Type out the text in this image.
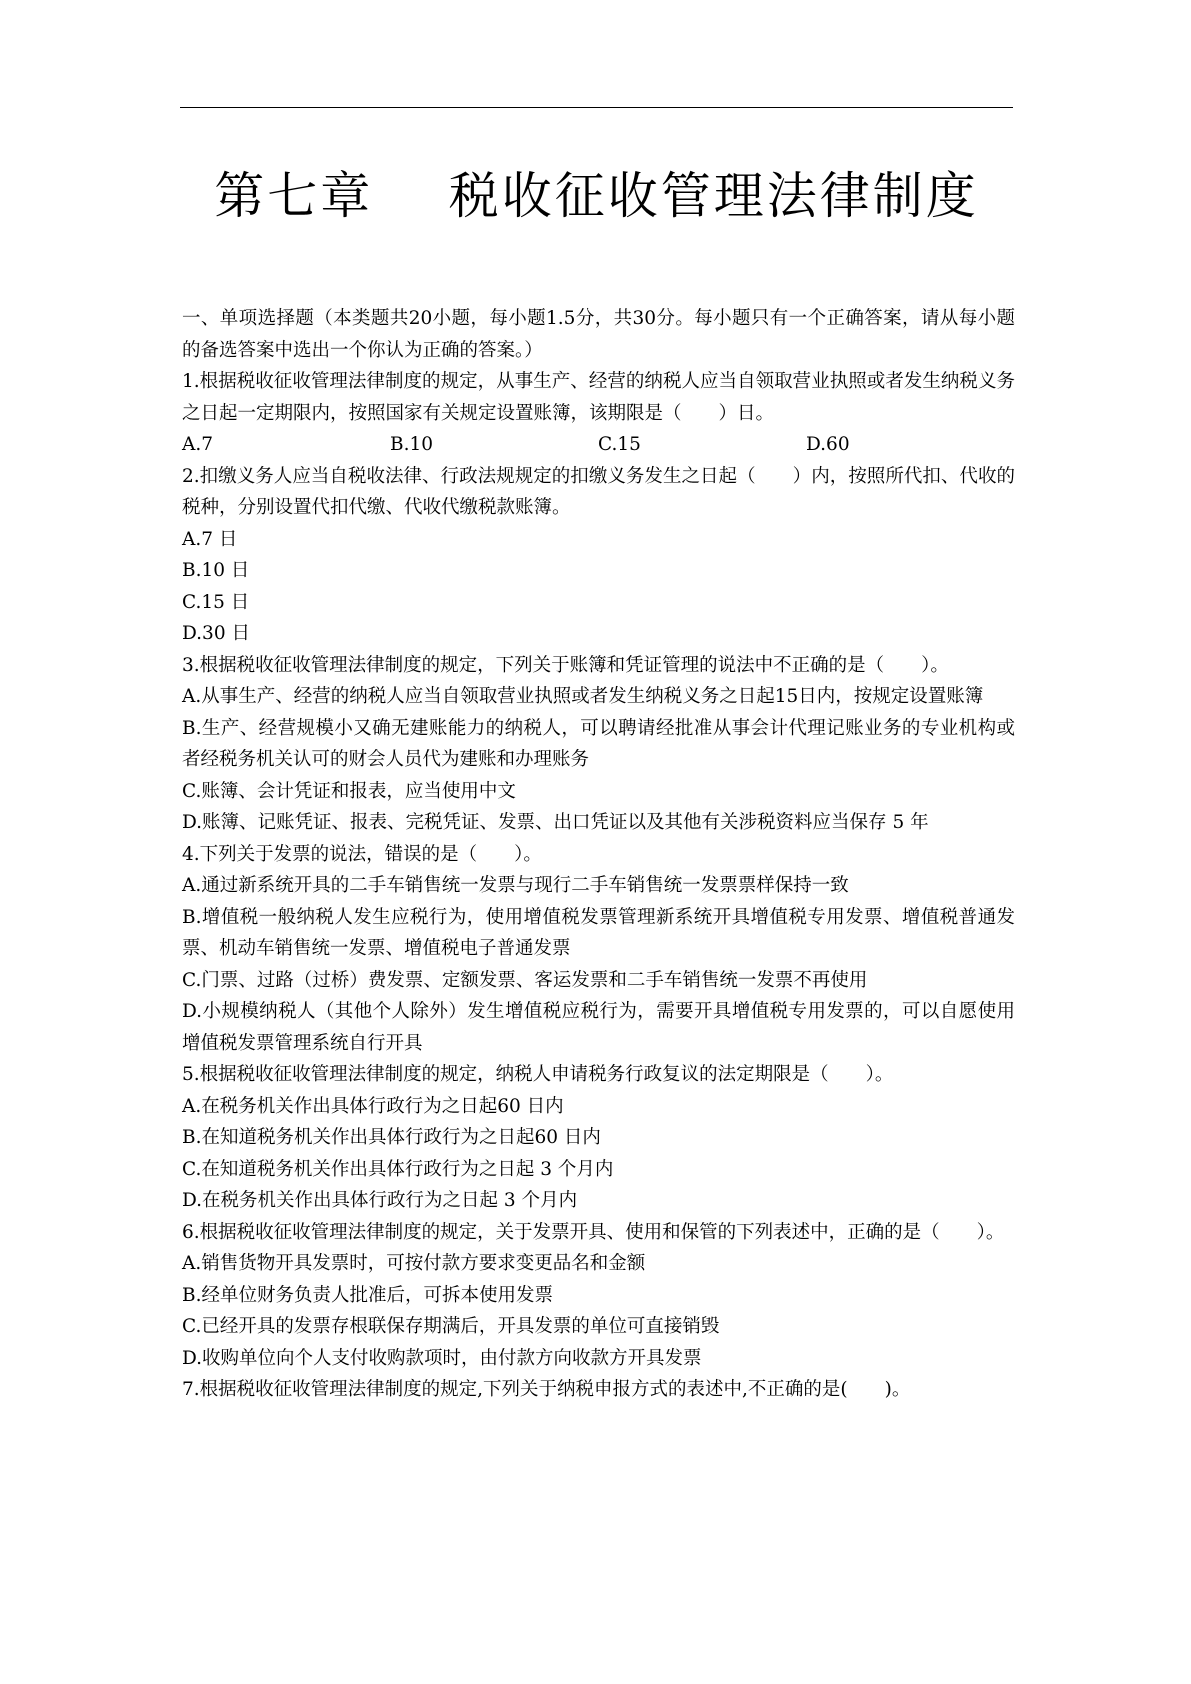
第七章    税收征收管理法律制度

一、单项选择题（本类题共20小题，每小题1.5分，共30分。每小题只有一个正确答案，请从每小题的备选答案中选出一个你认为正确的答案。）

1.根据税收征收管理法律制度的规定，从事生产、经营的纳税人应当自领取营业执照或者发生纳税义务之日起一定期限内，按照国家有关规定设置账簿，该期限是（　　）日。

A.7	B.10	C.15	D.60

2.扣缴义务人应当自税收法律、行政法规规定的扣缴义务发生之日起（　　）内，按照所代扣、代收的税种，分别设置代扣代缴、代收代缴税款账簿。

A.7 日

B.10 日

C.15 日

D.30 日

3.根据税收征收管理法律制度的规定，下列关于账簿和凭证管理的说法中不正确的是（　　）。

A.从事生产、经营的纳税人应当自领取营业执照或者发生纳税义务之日起15日内，按规定设置账簿

B.生产、经营规模小又确无建账能力的纳税人，可以聘请经批准从事会计代理记账业务的专业机构或者经税务机关认可的财会人员代为建账和办理账务

C.账簿、会计凭证和报表，应当使用中文

D.账簿、记账凭证、报表、完税凭证、发票、出口凭证以及其他有关涉税资料应当保存 5 年

4.下列关于发票的说法，错误的是（　　）。

A.通过新系统开具的二手车销售统一发票与现行二手车销售统一发票票样保持一致

B.增值税一般纳税人发生应税行为，使用增值税发票管理新系统开具增值税专用发票、增值税普通发票、机动车销售统一发票、增值税电子普通发票

C.门票、过路（过桥）费发票、定额发票、客运发票和二手车销售统一发票不再使用

D.小规模纳税人（其他个人除外）发生增值税应税行为，需要开具增值税专用发票的，可以自愿使用增值税发票管理系统自行开具

5.根据税收征收管理法律制度的规定，纳税人申请税务行政复议的法定期限是（　　）。

A.在税务机关作出具体行政行为之日起60 日内

B.在知道税务机关作出具体行政行为之日起60 日内

C.在知道税务机关作出具体行政行为之日起 3 个月内

D.在税务机关作出具体行政行为之日起 3 个月内

6.根据税收征收管理法律制度的规定，关于发票开具、使用和保管的下列表述中，正确的是（　　）。

A.销售货物开具发票时，可按付款方要求变更品名和金额

B.经单位财务负责人批准后，可拆本使用发票

C.已经开具的发票存根联保存期满后，开具发票的单位可直接销毁

D.收购单位向个人支付收购款项时，由付款方向收款方开具发票

7.根据税收征收管理法律制度的规定,下列关于纳税申报方式的表述中,不正确的是(　　)。
